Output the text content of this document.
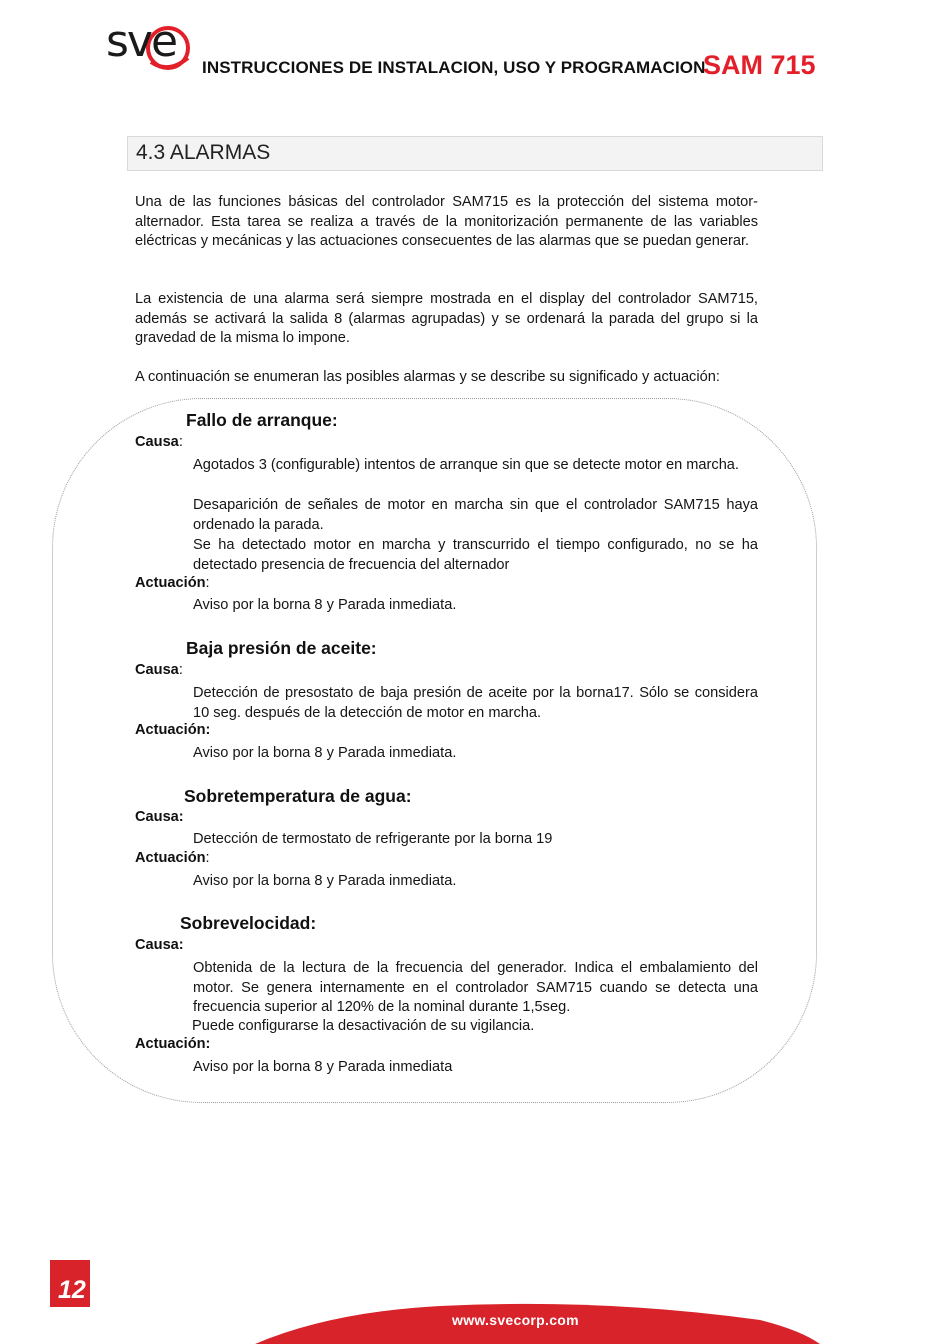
sve
INSTRUCCIONES DE INSTALACION, USO Y PROGRAMACION
SAM 715
4.3 ALARMAS
Una de las funciones básicas del controlador SAM715 es la protección del sistema motor-alternador. Esta tarea se realiza a través de la monitorización permanente de las variables eléctricas y mecánicas y las actuaciones consecuentes de las alarmas que se puedan generar.
La existencia de una alarma será siempre mostrada en el display del controlador SAM715, además se activará la salida 8 (alarmas agrupadas) y se ordenará la parada del grupo si la gravedad de la misma lo impone.
A continuación se enumeran las posibles alarmas y se describe su significado y actuación:
Fallo de arranque:
Causa:
Agotados 3 (configurable) intentos de arranque sin que se detecte motor en marcha.
Desaparición de señales de motor en marcha sin que el controlador SAM715 haya ordenado la parada.
Se ha detectado motor en marcha y transcurrido el tiempo configurado, no se ha detectado presencia de frecuencia del alternador
Actuación:
Aviso por la borna 8 y Parada inmediata.
Baja presión de aceite:
Causa:
Detección de presostato de baja presión de aceite por la borna17. Sólo se considera 10 seg. después de la detección de motor en marcha.
Actuación:
Aviso por la borna 8 y Parada inmediata.
Sobretemperatura de agua:
Causa:
Detección de termostato de refrigerante por la borna 19
Actuación:
Aviso por la borna 8 y Parada inmediata.
Sobrevelocidad:
Causa:
Obtenida de la lectura de la frecuencia del generador. Indica el embalamiento del motor. Se genera internamente en el controlador SAM715 cuando se detecta una frecuencia superior al 120% de la nominal durante 1,5seg.
Puede configurarse la desactivación de su vigilancia.
Actuación:
Aviso por la borna 8 y Parada inmediata
12
www.svecorp.com
